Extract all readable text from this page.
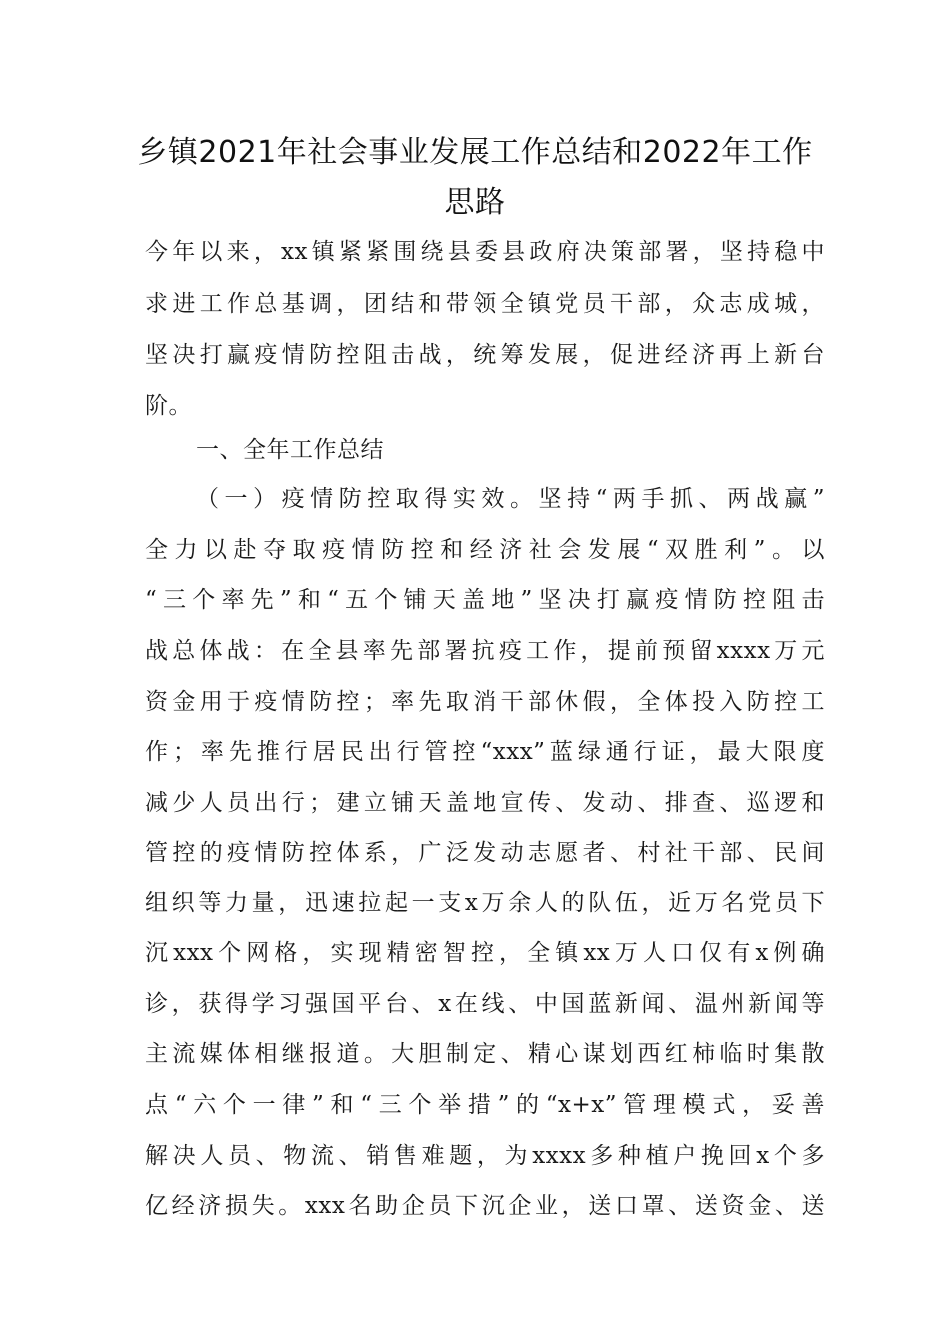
乡镇2021年社会事业发展工作总结和2022年工作
思路
今年以来，xx镇紧紧围绕县委县政府决策部署，坚持稳中
求进工作总基调，团结和带领全镇党员干部，众志成城，
坚决打赢疫情防控阻击战，统筹发展，促进经济再上新台
阶。
一、全年工作总结
（一）疫情防控取得实效。坚持“两手抓、两战赢”
全力以赴夺取疫情防控和经济社会发展“双胜利”。以
“三个率先”和“五个铺天盖地”坚决打赢疫情防控阻击
战总体战：在全县率先部署抗疫工作，提前预留xxxx万元
资金用于疫情防控；率先取消干部休假，全体投入防控工
作；率先推行居民出行管控“xxx”蓝绿通行证，最大限度
减少人员出行；建立铺天盖地宣传、发动、排查、巡逻和
管控的疫情防控体系，广泛发动志愿者、村社干部、民间
组织等力量，迅速拉起一支x万余人的队伍，近万名党员下
沉xxx个网格，实现精密智控，全镇xx万人口仅有x例确
诊，获得学习强国平台、x在线、中国蓝新闻、温州新闻等
主流媒体相继报道。大胆制定、精心谋划西红柿临时集散
点“六个一律”和“三个举措”的“x+x”管理模式，妥善
解决人员、物流、销售难题，为xxxx多种植户挽回x个多
亿经济损失。xxx名助企员下沉企业，送口罩、送资金、送
